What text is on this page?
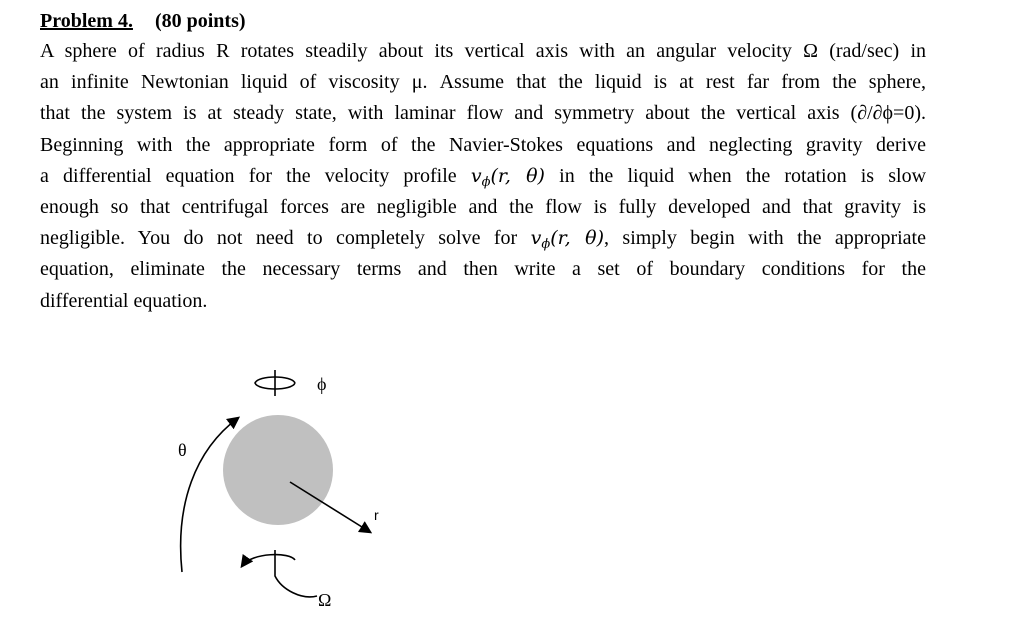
Problem 4. (80 points)
A sphere of radius R rotates steadily about its vertical axis with an angular velocity Ω (rad/sec) in
an infinite Newtonian liquid of viscosity μ. Assume that the liquid is at rest far from the sphere,
that the system is at steady state, with laminar flow and symmetry about the vertical axis (∂/∂ϕ=0).
Beginning with the appropriate form of the Navier-Stokes equations and neglecting gravity derive
a differential equation for the velocity profile $v_\phi(r$, θ) in the liquid when the rotation is slow
enough so that centrifugal forces are negligible and the flow is fully developed and that gravity is
negligible. You do not need to completely solve for $v_\phi(r$, θ), simply begin with the appropriate
equation, eliminate the necessary terms and then write a set of boundary conditions for the
differential equation.
ϕ
θ
r
Ω
